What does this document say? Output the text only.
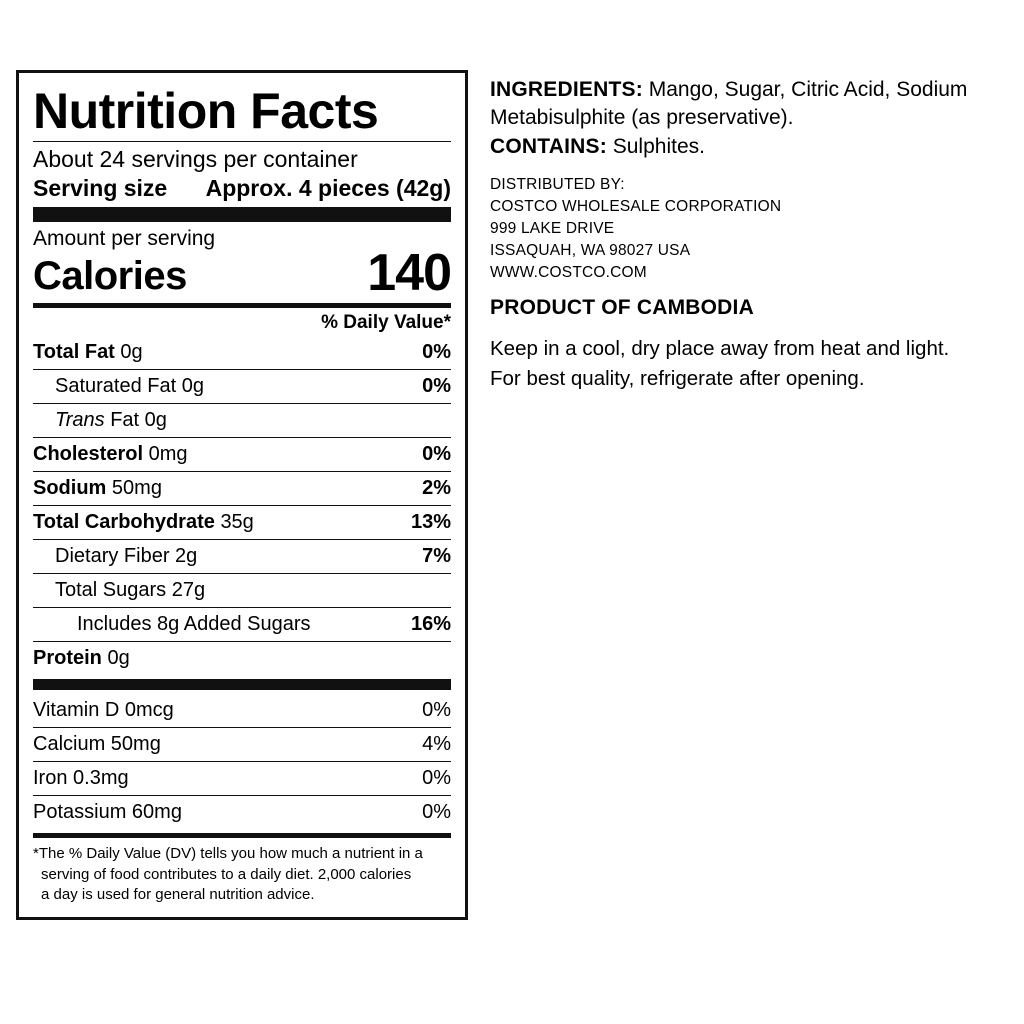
Nutrition Facts
About 24 servings per container
Serving size Approx. 4 pieces (42g)
Amount per serving
Calories	140
% Daily Value*
Total Fat 0g	0%
Saturated Fat 0g	0%
Trans Fat 0g
Cholesterol 0mg	0%
Sodium 50mg	2%
Total Carbohydrate 35g	13%
Dietary Fiber 2g	7%
Total Sugars 27g
Includes 8g Added Sugars	16%
Protein 0g
Vitamin D 0mcg	0%
Calcium 50mg	4%
Iron 0.3mg	0%
Potassium 60mg	0%
*The % Daily Value (DV) tells you how much a nutrient in a
serving of food contributes to a daily diet. 2,000 calories
a day is used for general nutrition advice.

INGREDIENTS: Mango, Sugar, Citric Acid, Sodium Metabisulphite (as preservative).

CONTAINS: Sulphites.

DISTRIBUTED BY:
COSTCO WHOLESALE CORPORATION
999 LAKE DRIVE
ISSAQUAH, WA 98027 USA
WWW.COSTCO.COM
PRODUCT OF CAMBODIA
Keep in a cool, dry place away from heat and light.
For best quality, refrigerate after opening.
